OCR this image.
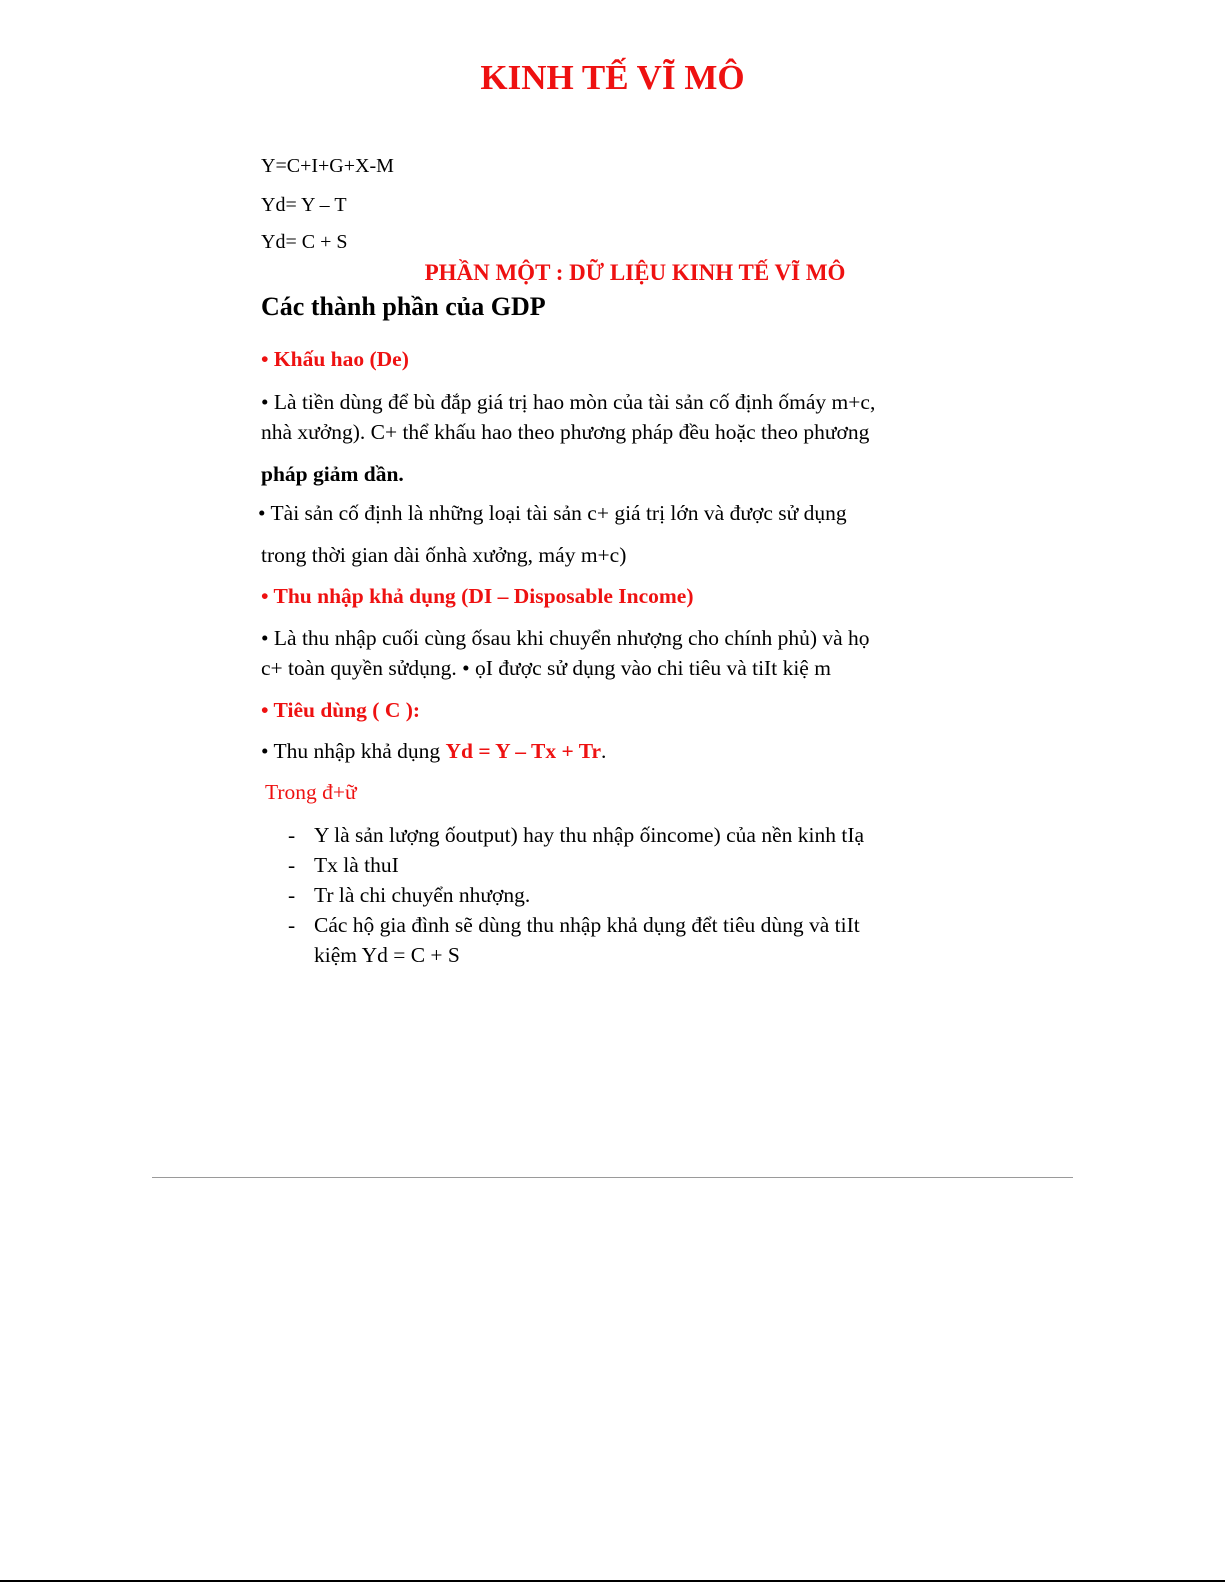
KINH TẾ VĨ MÔ
Y=C+I+G+X-M
Yd= Y – T
Yd= C + S
PHẦN MỘT : DỮ LIỆU KINH TẾ VĨ MÔ
Các thành phần của GDP
• Khấu hao (De)
• Là tiền dùng để bù đắp giá trị hao mòn của tài sản cố định ốmáy m+c,
nhà xưởng). C+ thể khấu hao theo phương pháp đều hoặc theo phương
pháp giảm dần.
• Tài sản cố định là những loại tài sản c+ giá trị lớn và được sử dụng
trong thời gian dài ốnhà xưởng, máy m+c)
• Thu nhập khả dụng (DI – Disposable Income)
• Là thu nhập cuối cùng ốsau khi chuyển nhượng cho chính phủ) và họ
c+ toàn quyền sửdụng. • ọI được sử dụng vào chi tiêu và tiIt kiệ m
• Tiêu dùng ( C ):
• Thu nhập khả dụng Yd = Y – Tx + Tr.
Trong đ+ữ
- Y là sản lượng ốoutput) hay thu nhập ốincome) của nền kinh tIạ
- Tx là thuI
- Tr là chi chuyển nhượng.
- Các hộ gia đình sẽ dùng thu nhập khả dụng đểt tiêu dùng và tiIt
kiệm Yd = C + S
